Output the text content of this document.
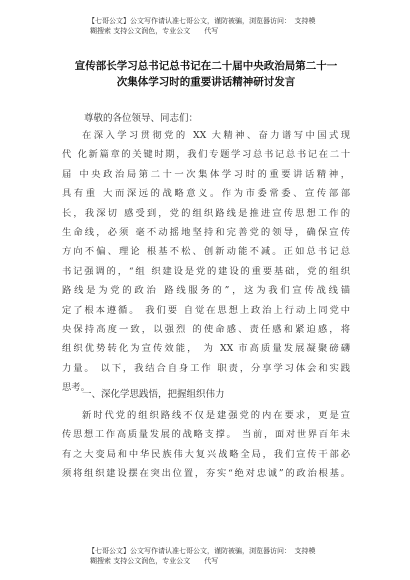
【七哥公文】公文写作请认准七哥公文，谨防被骗，浏览器访问：　支持模
糊搜索 支持公文润色，专业公文　　代写
宣传部长学习总书记总书记在二十届中央政治局第二十一
次集体学习时的重要讲话精神研讨发言
尊敬的各位领导、同志们：
在深入学习贯彻党的 XX 大精神、奋力谱写中国式现
代 化新篇章的关键时期，我们专题学习总书记总书记在二十
届 中央政治局第二十一次集体学习时的重要讲话精神，
具有重 大而深远的战略意义。作为市委常委、宣传部部
长，我深切 感受到，党的组织路线是推进宣传思想工作的
生命线，必须 毫不动摇地坚持和完善党的领导，确保宣传
方向不偏、理论 根基不松、创新动能不减。正如总书记总
书记强调的，“组 织建设是党的建设的重要基础，党的组织
路线是为党的政治 路线服务的”，这为我们宣传战线锚
定了根本遵循。 我们要 自觉在思想上政治上行动上同党中
央保持高度一致，以强烈 的使命感、责任感和紧迫感，将
组织优势转化为宣传效能， 为 XX 市高质量发展凝聚磅礴
力量。 以下，我结合自身工作 职责，分享学习体会和实践
思考。
一、深化学思践悟，把握组织伟力
新时代党的组织路线不仅是建强党的内在要求，更是宣
传思想工作高质量发展的战略支撑。 当前，面对世界百年未
有之大变局和中华民族伟大复兴战略全局，我们宣传干部必
须将组织建设摆在突出位置，夯实“绝对忠诚”的政治根基。
【七哥公文】公文写作请认准七哥公文，谨防被骗，浏览器访问：　支持模
糊搜索 支持公文润色，专业公文　　代写
